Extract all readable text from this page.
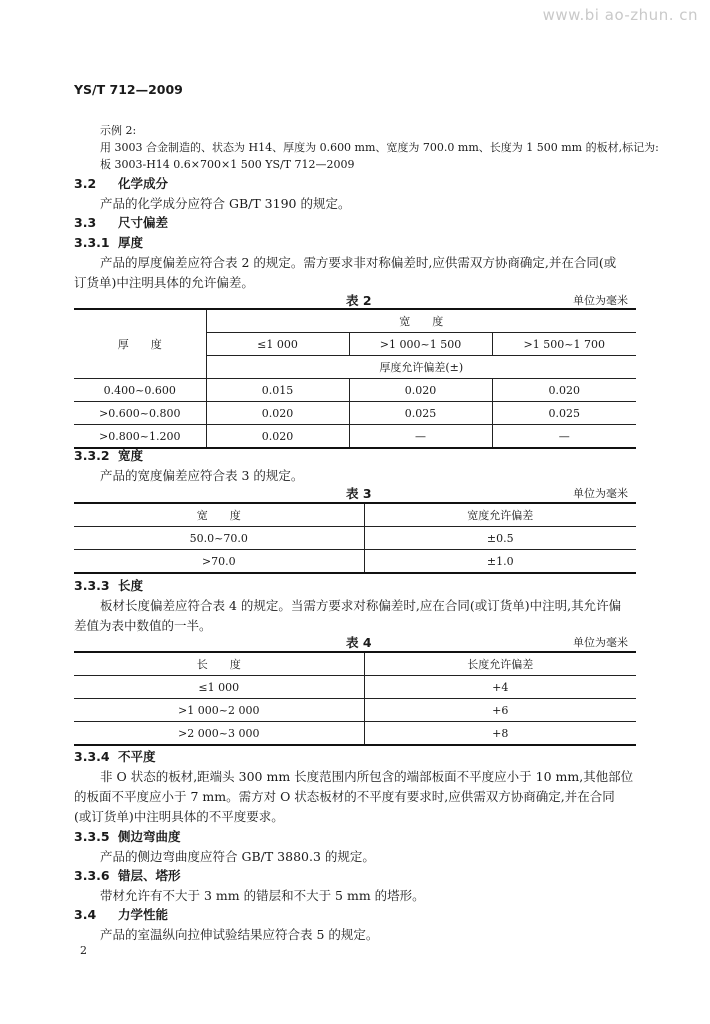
www.bi ao-zhun. cn
YS/T 712—2009
示例 2:
用 3003 合金制造的、状态为 H14、厚度为 0.600 mm、宽度为 700.0 mm、长度为 1 500 mm 的板材,标记为:
板 3003-H14 0.6×700×1 500 YS/T 712—2009
3.2 化学成分
产品的化学成分应符合 GB/T 3190 的规定。
3.3 尺寸偏差
3.3.1 厚度
产品的厚度偏差应符合表 2 的规定。需方要求非对称偏差时,应供需双方协商确定,并在合同(或
订货单)中注明具体的允许偏差。
表 2	单位为毫米
厚　　度	宽　　度		
	≤1 000	>1 000~1 500	>1 500~1 700
	厚度允许偏差(±)		
0.400~0.600	0.015	0.020	0.020
>0.600~0.800	0.020	0.025	0.025
>0.800~1.200	0.020	—	—
3.3.2 宽度
产品的宽度偏差应符合表 3 的规定。
表 3	单位为毫米
宽　　度	宽度允许偏差
50.0~70.0	±0.5
>70.0	±1.0
3.3.3 长度
板材长度偏差应符合表 4 的规定。当需方要求对称偏差时,应在合同(或订货单)中注明,其允许偏
差值为表中数值的一半。
表 4	单位为毫米
长　　度	长度允许偏差
≤1 000	+4
>1 000~2 000	+6
>2 000~3 000	+8
3.3.4 不平度
非 O 状态的板材,距端头 300 mm 长度范围内所包含的端部板面不平度应小于 10 mm,其他部位
的板面不平度应小于 7 mm。需方对 O 状态板材的不平度有要求时,应供需双方协商确定,并在合同
(或订货单)中注明具体的不平度要求。
3.3.5 侧边弯曲度
产品的侧边弯曲度应符合 GB/T 3880.3 的规定。
3.3.6 错层、塔形
带材允许有不大于 3 mm 的错层和不大于 5 mm 的塔形。
3.4 力学性能
产品的室温纵向拉伸试验结果应符合表 5 的规定。
2
